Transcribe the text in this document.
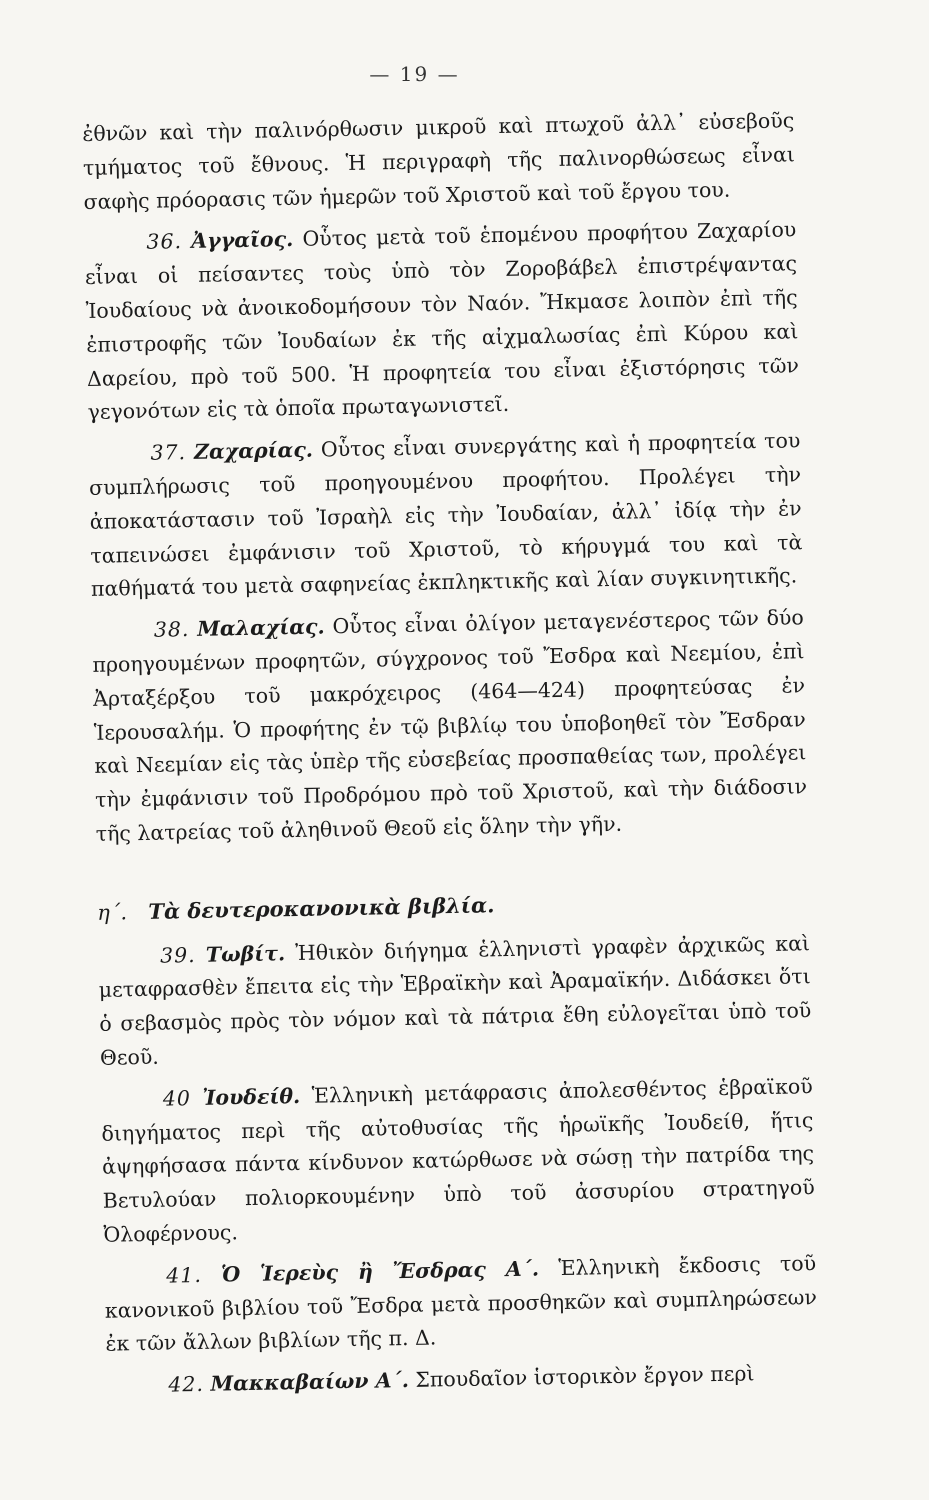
— 19 —

ἐθνῶν καὶ τὴν παλινόρθωσιν μικροῦ καὶ πτωχοῦ ἀλλ᾽ εὐσεβοῦς τμήματος τοῦ ἔθνους. Ἡ περιγραφὴ τῆς παλινορθώσεως εἶναι σαφὴς πρόορασις τῶν ἡμερῶν τοῦ Χριστοῦ καὶ τοῦ ἔργου του.

36. Ἀγγαῖος. Οὗτος μετὰ τοῦ ἑπομένου προφήτου Ζαχαρίου εἶναι οἱ πείσαντες τοὺς ὑπὸ τὸν Ζοροβάβελ ἐπιστρέψαντας Ἰουδαίους νὰ ἀνοικοδομήσουν τὸν Ναόν. Ἤκμασε λοιπὸν ἐπὶ τῆς ἐπιστροφῆς τῶν Ἰουδαίων ἐκ τῆς αἰχμαλωσίας ἐπὶ Κύρου καὶ Δαρείου, πρὸ τοῦ 500. Ἡ προφητεία του εἶναι ἐξιστόρησις τῶν γεγονότων εἰς τὰ ὁποῖα πρωταγωνιστεῖ.

37. Ζαχαρίας. Οὗτος εἶναι συνεργάτης καὶ ἡ προφητεία του συμπλήρωσις τοῦ προηγουμένου προφήτου. Προλέγει τὴν ἀποκατάστασιν τοῦ Ἰσραὴλ εἰς τὴν Ἰουδαίαν, ἀλλ᾽ ἰδίᾳ τὴν ἐν ταπεινώσει ἐμφάνισιν τοῦ Χριστοῦ, τὸ κήρυγμά του καὶ τὰ παθήματά του μετὰ σαφηνείας ἐκπληκτικῆς καὶ λίαν συγκινητικῆς.

38. Μαλαχίας. Οὗτος εἶναι ὀλίγον μεταγενέστερος τῶν δύο προηγουμένων προφητῶν, σύγχρονος τοῦ Ἔσδρα καὶ Νεεμίου, ἐπὶ Ἀρταξέρξου τοῦ μακρόχειρος (464—424) προφητεύσας ἐν Ἱερουσαλήμ. Ὁ προφήτης ἐν τῷ βιβλίῳ του ὑποβοηθεῖ τὸν Ἔσδραν καὶ Νεεμίαν εἰς τὰς ὑπὲρ τῆς εὐσεβείας προσπαθείας των, προλέγει τὴν ἐμφάνισιν τοῦ Προδρόμου πρὸ τοῦ Χριστοῦ, καὶ τὴν διάδοσιν τῆς λατρείας τοῦ ἀληθινοῦ Θεοῦ εἰς ὅλην τὴν γῆν.

η΄. Τὰ δευτεροκανονικὰ βιβλία.

39. Τωβίτ. Ἠθικὸν διήγημα ἑλληνιστὶ γραφὲν ἀρχικῶς καὶ μεταφρασθὲν ἔπειτα εἰς τὴν Ἑβραϊκὴν καὶ Ἀραμαϊκήν. Διδάσκει ὅτι ὁ σεβασμὸς πρὸς τὸν νόμον καὶ τὰ πάτρια ἔθη εὐλογεῖται ὑπὸ τοῦ Θεοῦ.

40 Ἰουδείθ. Ἑλληνικὴ μετάφρασις ἀπολεσθέντος ἑβραϊκοῦ διηγήματος περὶ τῆς αὐτοθυσίας τῆς ἡρωϊκῆς Ἰουδείθ, ἥτις ἀψηφήσασα πάντα κίνδυνον κατώρθωσε νὰ σώσῃ τὴν πατρίδα της Βετυλούαν πολιορκουμένην ὑπὸ τοῦ ἀσσυρίου στρατηγοῦ Ὀλοφέρνους.

41. Ὁ Ἱερεὺς ἢ Ἔσδρας Α΄. Ἑλληνικὴ ἔκδοσις τοῦ κανονικοῦ βιβλίου τοῦ Ἔσδρα μετὰ προσθηκῶν καὶ συμπληρώσεων ἐκ τῶν ἄλλων βιβλίων τῆς π. Δ.

42. Μακκαβαίων Α΄. Σπουδαῖον ἱστορικὸν ἔργον περὶ
